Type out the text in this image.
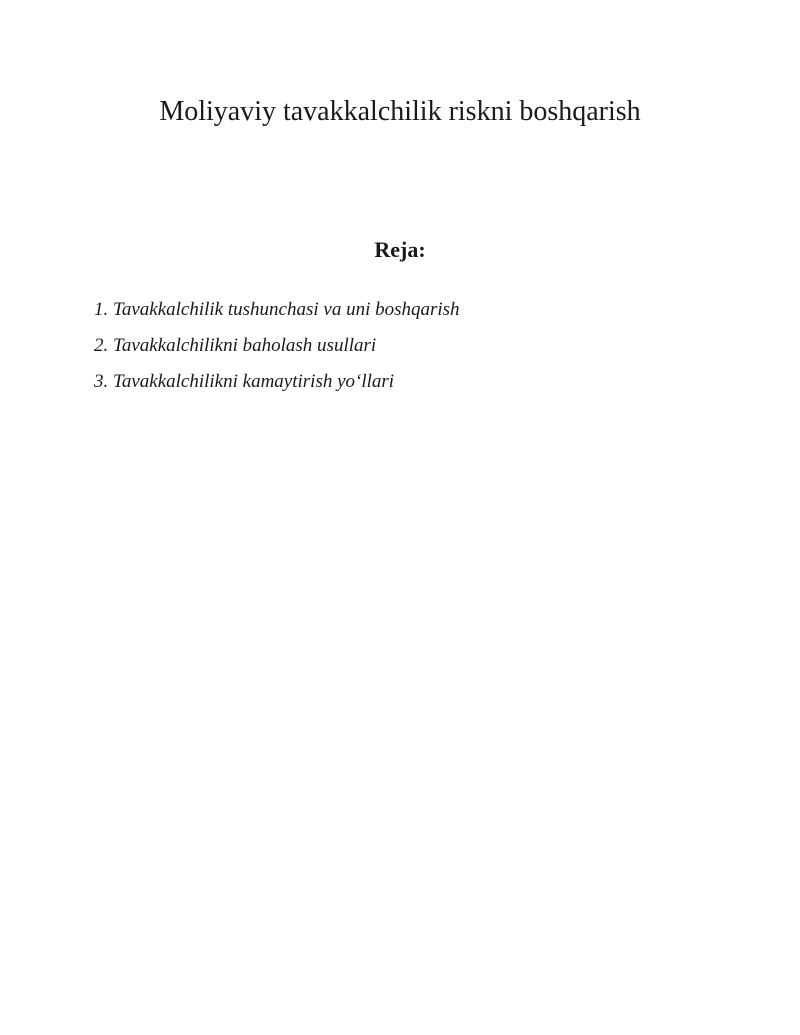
Moliyaviy tavakkalchilik riskni boshqarish
Reja:
1. Tavakkalchilik tushunchasi va uni boshqarish
2. Tavakkalchilikni baholash usullari
3. Tavakkalchilikni kamaytirish yo‘llari
